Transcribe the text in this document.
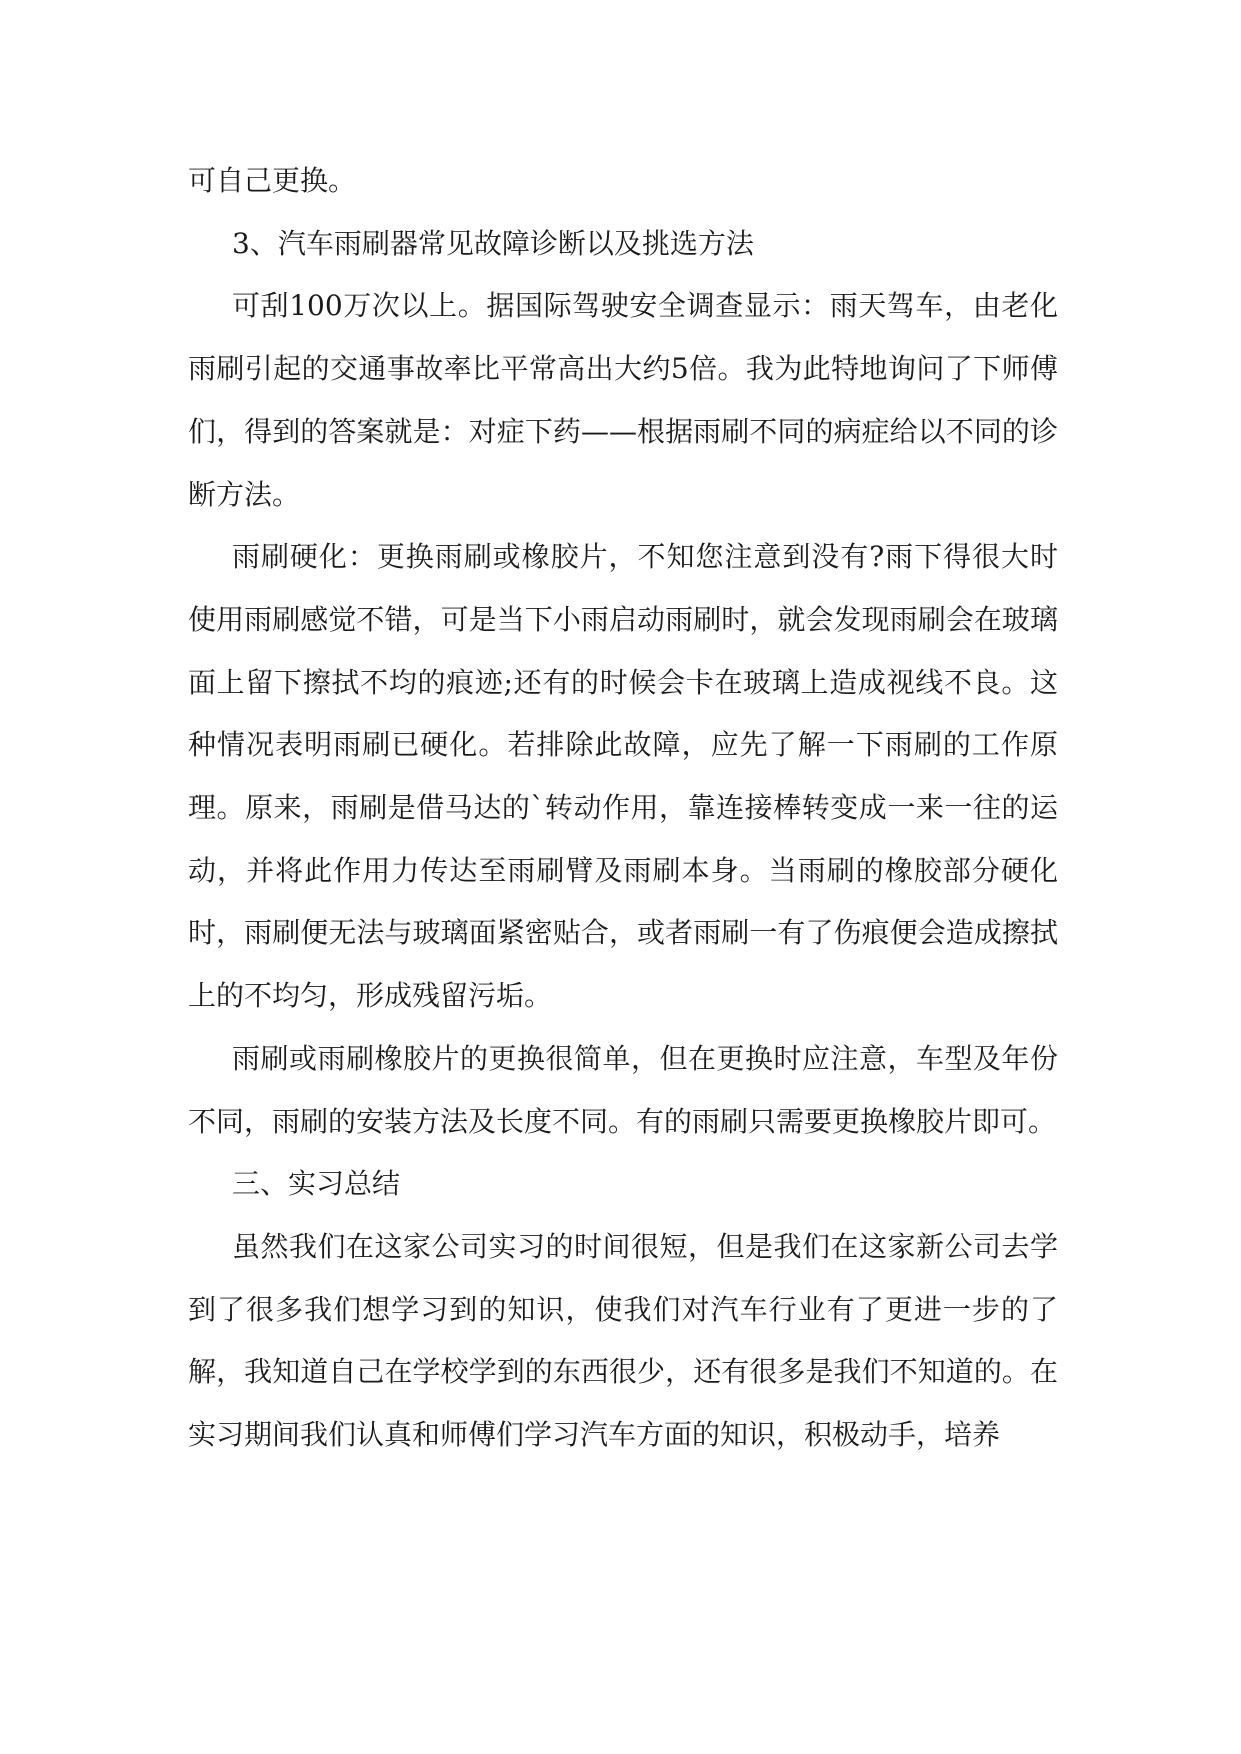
可自己更换。

3、汽车雨刷器常见故障诊断以及挑选方法

可刮100万次以上。据国际驾驶安全调查显示：雨天驾车，由老化雨刷引起的交通事故率比平常高出大约5倍。我为此特地询问了下师傅们，得到的答案就是：对症下药——根据雨刷不同的病症给以不同的诊断方法。

雨刷硬化：更换雨刷或橡胶片，不知您注意到没有?雨下得很大时使用雨刷感觉不错，可是当下小雨启动雨刷时，就会发现雨刷会在玻璃面上留下擦拭不均的痕迹;还有的时候会卡在玻璃上造成视线不良。这种情况表明雨刷已硬化。若排除此故障，应先了解一下雨刷的工作原理。原来，雨刷是借马达的`转动作用，靠连接棒转变成一来一往的运动，并将此作用力传达至雨刷臂及雨刷本身。当雨刷的橡胶部分硬化时，雨刷便无法与玻璃面紧密贴合，或者雨刷一有了伤痕便会造成擦拭上的不均匀，形成残留污垢。

雨刷或雨刷橡胶片的更换很简单，但在更换时应注意，车型及年份不同，雨刷的安装方法及长度不同。有的雨刷只需要更换橡胶片即可。

三、实习总结

虽然我们在这家公司实习的时间很短，但是我们在这家新公司去学到了很多我们想学习到的知识，使我们对汽车行业有了更进一步的了解，我知道自己在学校学到的东西很少，还有很多是我们不知道的。在实习期间我们认真和师傅们学习汽车方面的知识，积极动手，培养
